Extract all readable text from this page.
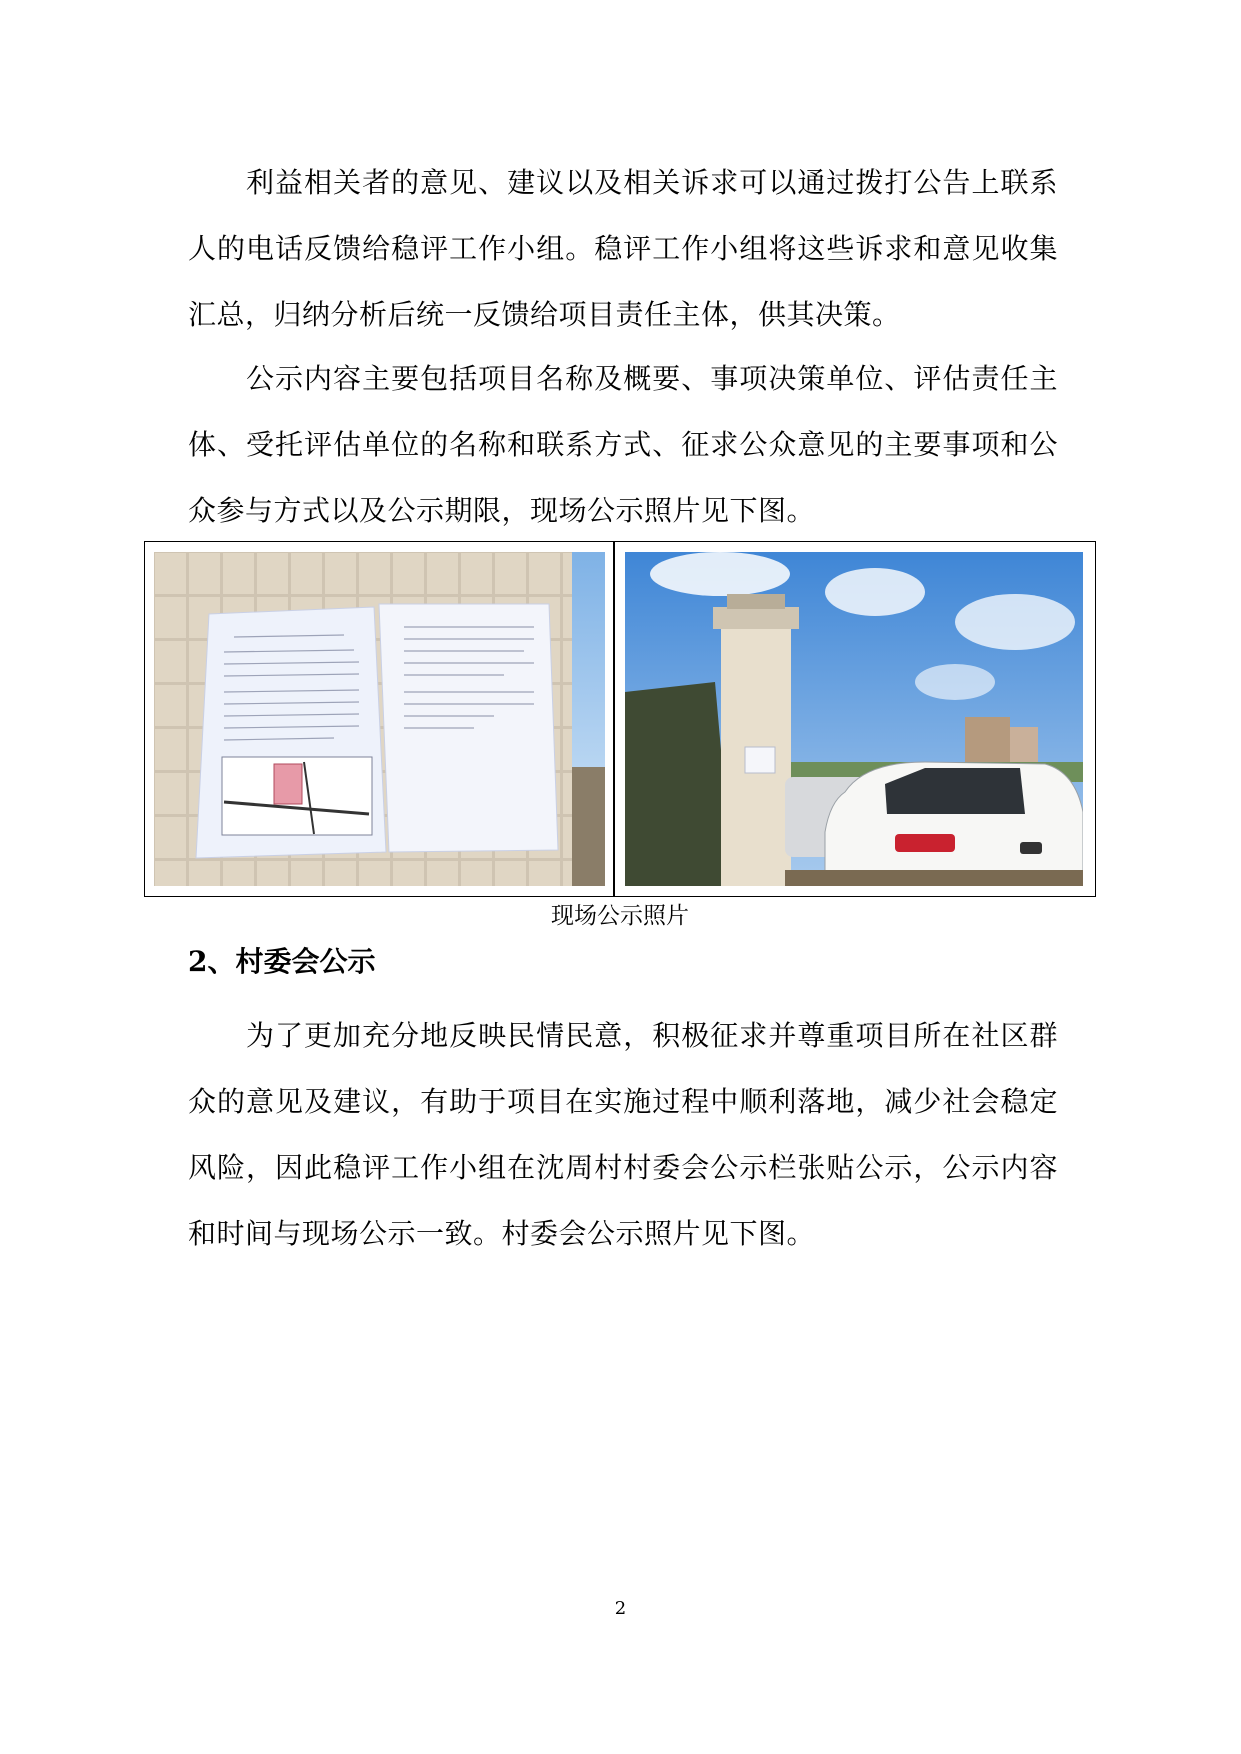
利益相关者的意见、建议以及相关诉求可以通过拨打公告上联系人的电话反馈给稳评工作小组。稳评工作小组将这些诉求和意见收集汇总，归纳分析后统一反馈给项目责任主体，供其决策。

公示内容主要包括项目名称及概要、事项决策单位、评估责任主体、受托评估单位的名称和联系方式、征求公众意见的主要事项和公众参与方式以及公示期限，现场公示照片见下图。

现场公示照片
2、村委会公示

为了更加充分地反映民情民意，积极征求并尊重项目所在社区群众的意见及建议，有助于项目在实施过程中顺利落地，减少社会稳定风险，因此稳评工作小组在沈周村村委会公示栏张贴公示，公示内容和时间与现场公示一致。村委会公示照片见下图。

2
